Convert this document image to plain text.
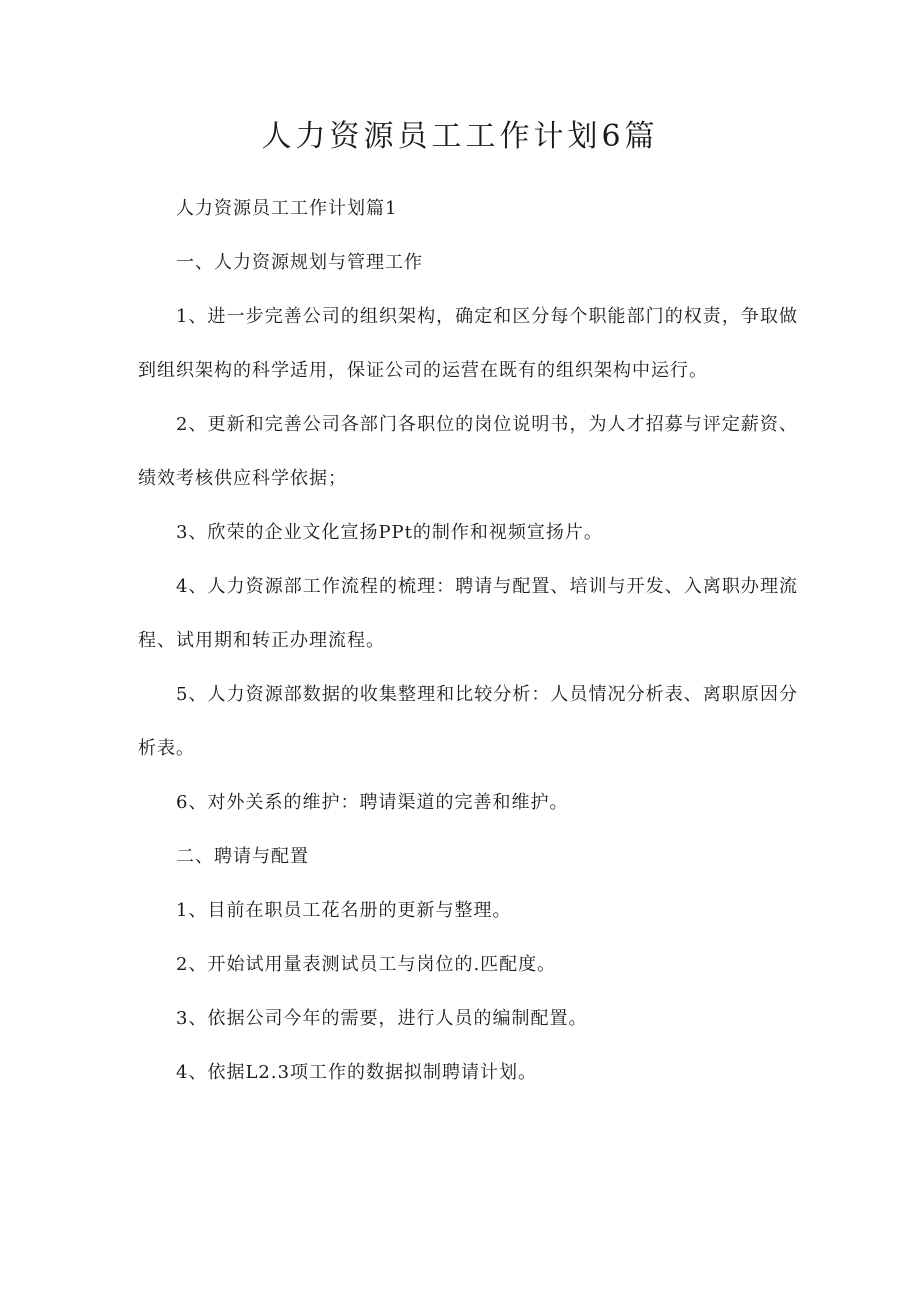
人力资源员工工作计划6篇

人力资源员工工作计划篇1

一、人力资源规划与管理工作

1、进一步完善公司的组织架构，确定和区分每个职能部门的权责，争取做到组织架构的科学适用，保证公司的运营在既有的组织架构中运行。

2、更新和完善公司各部门各职位的岗位说明书，为人才招募与评定薪资、绩效考核供应科学依据；

3、欣荣的企业文化宣扬PPt的制作和视频宣扬片。

4、人力资源部工作流程的梳理：聘请与配置、培训与开发、入离职办理流程、试用期和转正办理流程。

5、人力资源部数据的收集整理和比较分析：人员情况分析表、离职原因分析表。

6、对外关系的维护：聘请渠道的完善和维护。

二、聘请与配置

1、目前在职员工花名册的更新与整理。

2、开始试用量表测试员工与岗位的.匹配度。

3、依据公司今年的需要，进行人员的编制配置。

4、依据L2.3项工作的数据拟制聘请计划。
